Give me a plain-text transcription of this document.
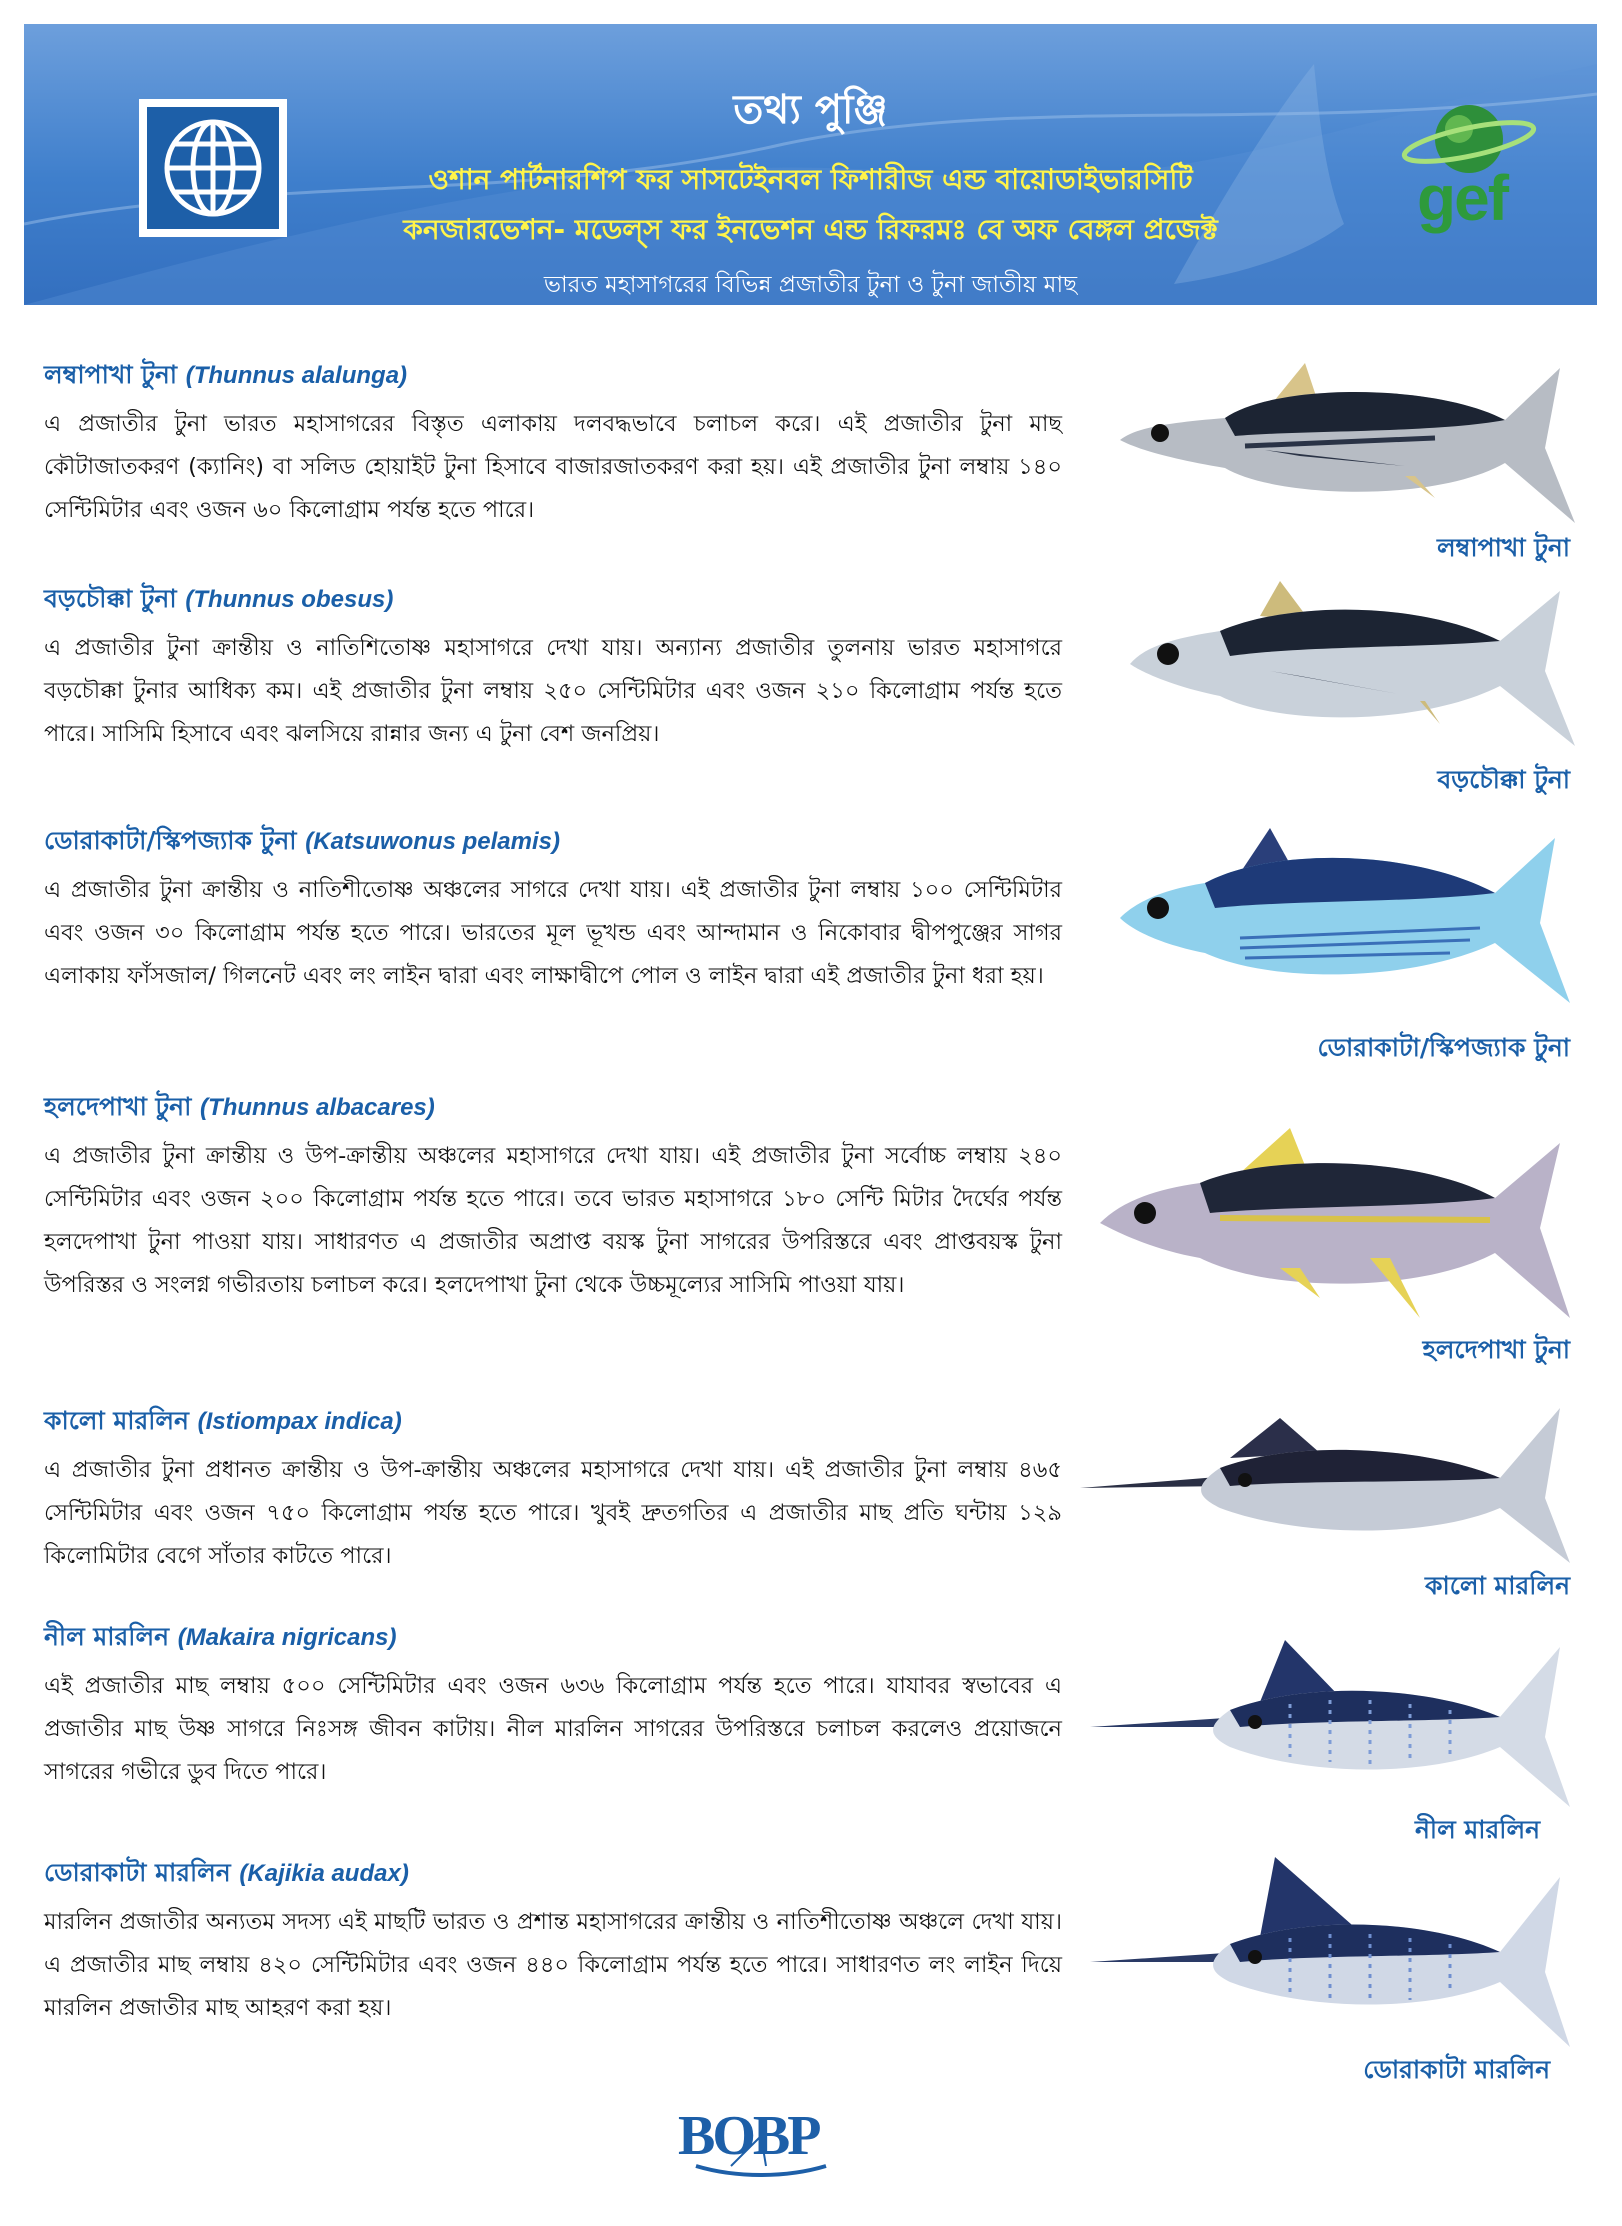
তথ্য পুঞ্জি
ওশান পার্টনারশিপ ফর সাসটেইনবল ফিশারীজ এন্ড বায়োডাইভারসিটি
কনজারভেশন- মডেল্‌স ফর ইনভেশন এন্ড রিফরমঃ বে অফ বেঙ্গল প্রজেক্ট
ভারত মহাসাগরের বিভিন্ন প্রজাতীর টুনা ও টুনা জাতীয় মাছ
gef
লম্বাপাখা টুনা (Thunnus alalunga)
এ প্রজাতীর টুনা ভারত মহাসাগরের বিস্তৃত এলাকায় দলবদ্ধভাবে চলাচল করে। এই প্রজাতীর টুনা মাছ কৌটাজাতকরণ (ক্যানিং) বা সলিড হোয়াইট টুনা হিসাবে বাজারজাতকরণ করা হয়। এই প্রজাতীর টুনা লম্বায় ১৪০ সেন্টিমিটার এবং ওজন ৬০ কিলোগ্রাম পর্যন্ত হতে পারে।
লম্বাপাখা টুনা
বড়চৌক্কা টুনা (Thunnus obesus)
এ প্রজাতীর টুনা ক্রান্তীয় ও নাতিশিতোষ্ণ মহাসাগরে দেখা যায়। অন্যান্য প্রজাতীর তুলনায় ভারত মহাসাগরে বড়চৌক্কা টুনার আধিক্য কম। এই প্রজাতীর টুনা লম্বায় ২৫০ সেন্টিমিটার এবং ওজন ২১০ কিলোগ্রাম পর্যন্ত হতে পারে। সাসিমি হিসাবে এবং ঝলসিয়ে রান্নার জন্য এ টুনা বেশ জনপ্রিয়।
বড়চৌক্কা টুনা
ডোরাকাটা/স্কিপজ্যাক টুনা (Katsuwonus pelamis)
এ প্রজাতীর টুনা ক্রান্তীয় ও নাতিশীতোষ্ণ অঞ্চলের সাগরে দেখা যায়। এই প্রজাতীর টুনা লম্বায় ১০০ সেন্টিমিটার এবং ওজন ৩০ কিলোগ্রাম পর্যন্ত হতে পারে। ভারতের মূল ভূখন্ড এবং আন্দামান ও নিকোবার দ্বীপপুঞ্জের সাগর এলাকায় ফাঁসজাল/ গিলনেট এবং লং লাইন দ্বারা এবং লাক্ষাদ্বীপে পোল ও লাইন দ্বারা এই প্রজাতীর টুনা ধরা হয়।
ডোরাকাটা/স্কিপজ্যাক টুনা
হলদেপাখা টুনা (Thunnus albacares)
এ প্রজাতীর টুনা ক্রান্তীয় ও উপ-ক্রান্তীয় অঞ্চলের মহাসাগরে দেখা যায়। এই প্রজাতীর টুনা সর্বোচ্চ লম্বায় ২৪০ সেন্টিমিটার এবং ওজন ২০০ কিলোগ্রাম পর্যন্ত হতে পারে। তবে ভারত মহাসাগরে ১৮০ সেন্টি মিটার দৈর্ঘের পর্যন্ত হলদেপাখা টুনা পাওয়া যায়। সাধারণত এ প্রজাতীর অপ্রাপ্ত বয়স্ক টুনা সাগরের উপরিস্তরে এবং প্রাপ্তবয়স্ক টুনা উপরিস্তর ও সংলগ্ন গভীরতায় চলাচল করে। হলদেপাখা টুনা থেকে উচ্চমূল্যের সাসিমি পাওয়া যায়।
হলদেপাখা টুনা
কালো মারলিন (Istiompax indica)
এ প্রজাতীর টুনা প্রধানত ক্রান্তীয় ও উপ-ক্রান্তীয় অঞ্চলের মহাসাগরে দেখা যায়। এই প্রজাতীর টুনা লম্বায় ৪৬৫ সেন্টিমিটার এবং ওজন ৭৫০ কিলোগ্রাম পর্যন্ত হতে পারে। খুবই দ্রুতগতির এ প্রজাতীর মাছ প্রতি ঘন্টায় ১২৯ কিলোমিটার বেগে সাঁতার কাটতে পারে।
কালো মারলিন
নীল মারলিন (Makaira nigricans)
এই প্রজাতীর মাছ লম্বায় ৫০০ সেন্টিমিটার এবং ওজন ৬৩৬ কিলোগ্রাম পর্যন্ত হতে পারে। যাযাবর স্বভাবের এ প্রজাতীর মাছ উষ্ণ সাগরে নিঃসঙ্গ জীবন কাটায়। নীল মারলিন সাগরের উপরিস্তরে চলাচল করলেও প্রয়োজনে সাগরের গভীরে ডুব দিতে পারে।
নীল মারলিন
ডোরাকাটা মারলিন (Kajikia audax)
মারলিন প্রজাতীর অন্যতম সদস্য এই মাছটি ভারত ও প্রশান্ত মহাসাগরের ক্রান্তীয় ও নাতিশীতোষ্ণ অঞ্চলে দেখা যায়। এ প্রজাতীর মাছ লম্বায় ৪২০ সেন্টিমিটার এবং ওজন ৪৪০ কিলোগ্রাম পর্যন্ত হতে পারে। সাধারণত লং লাইন দিয়ে মারলিন প্রজাতীর মাছ আহরণ করা হয়।
ডোরাকাটা মারলিন
BOBP
